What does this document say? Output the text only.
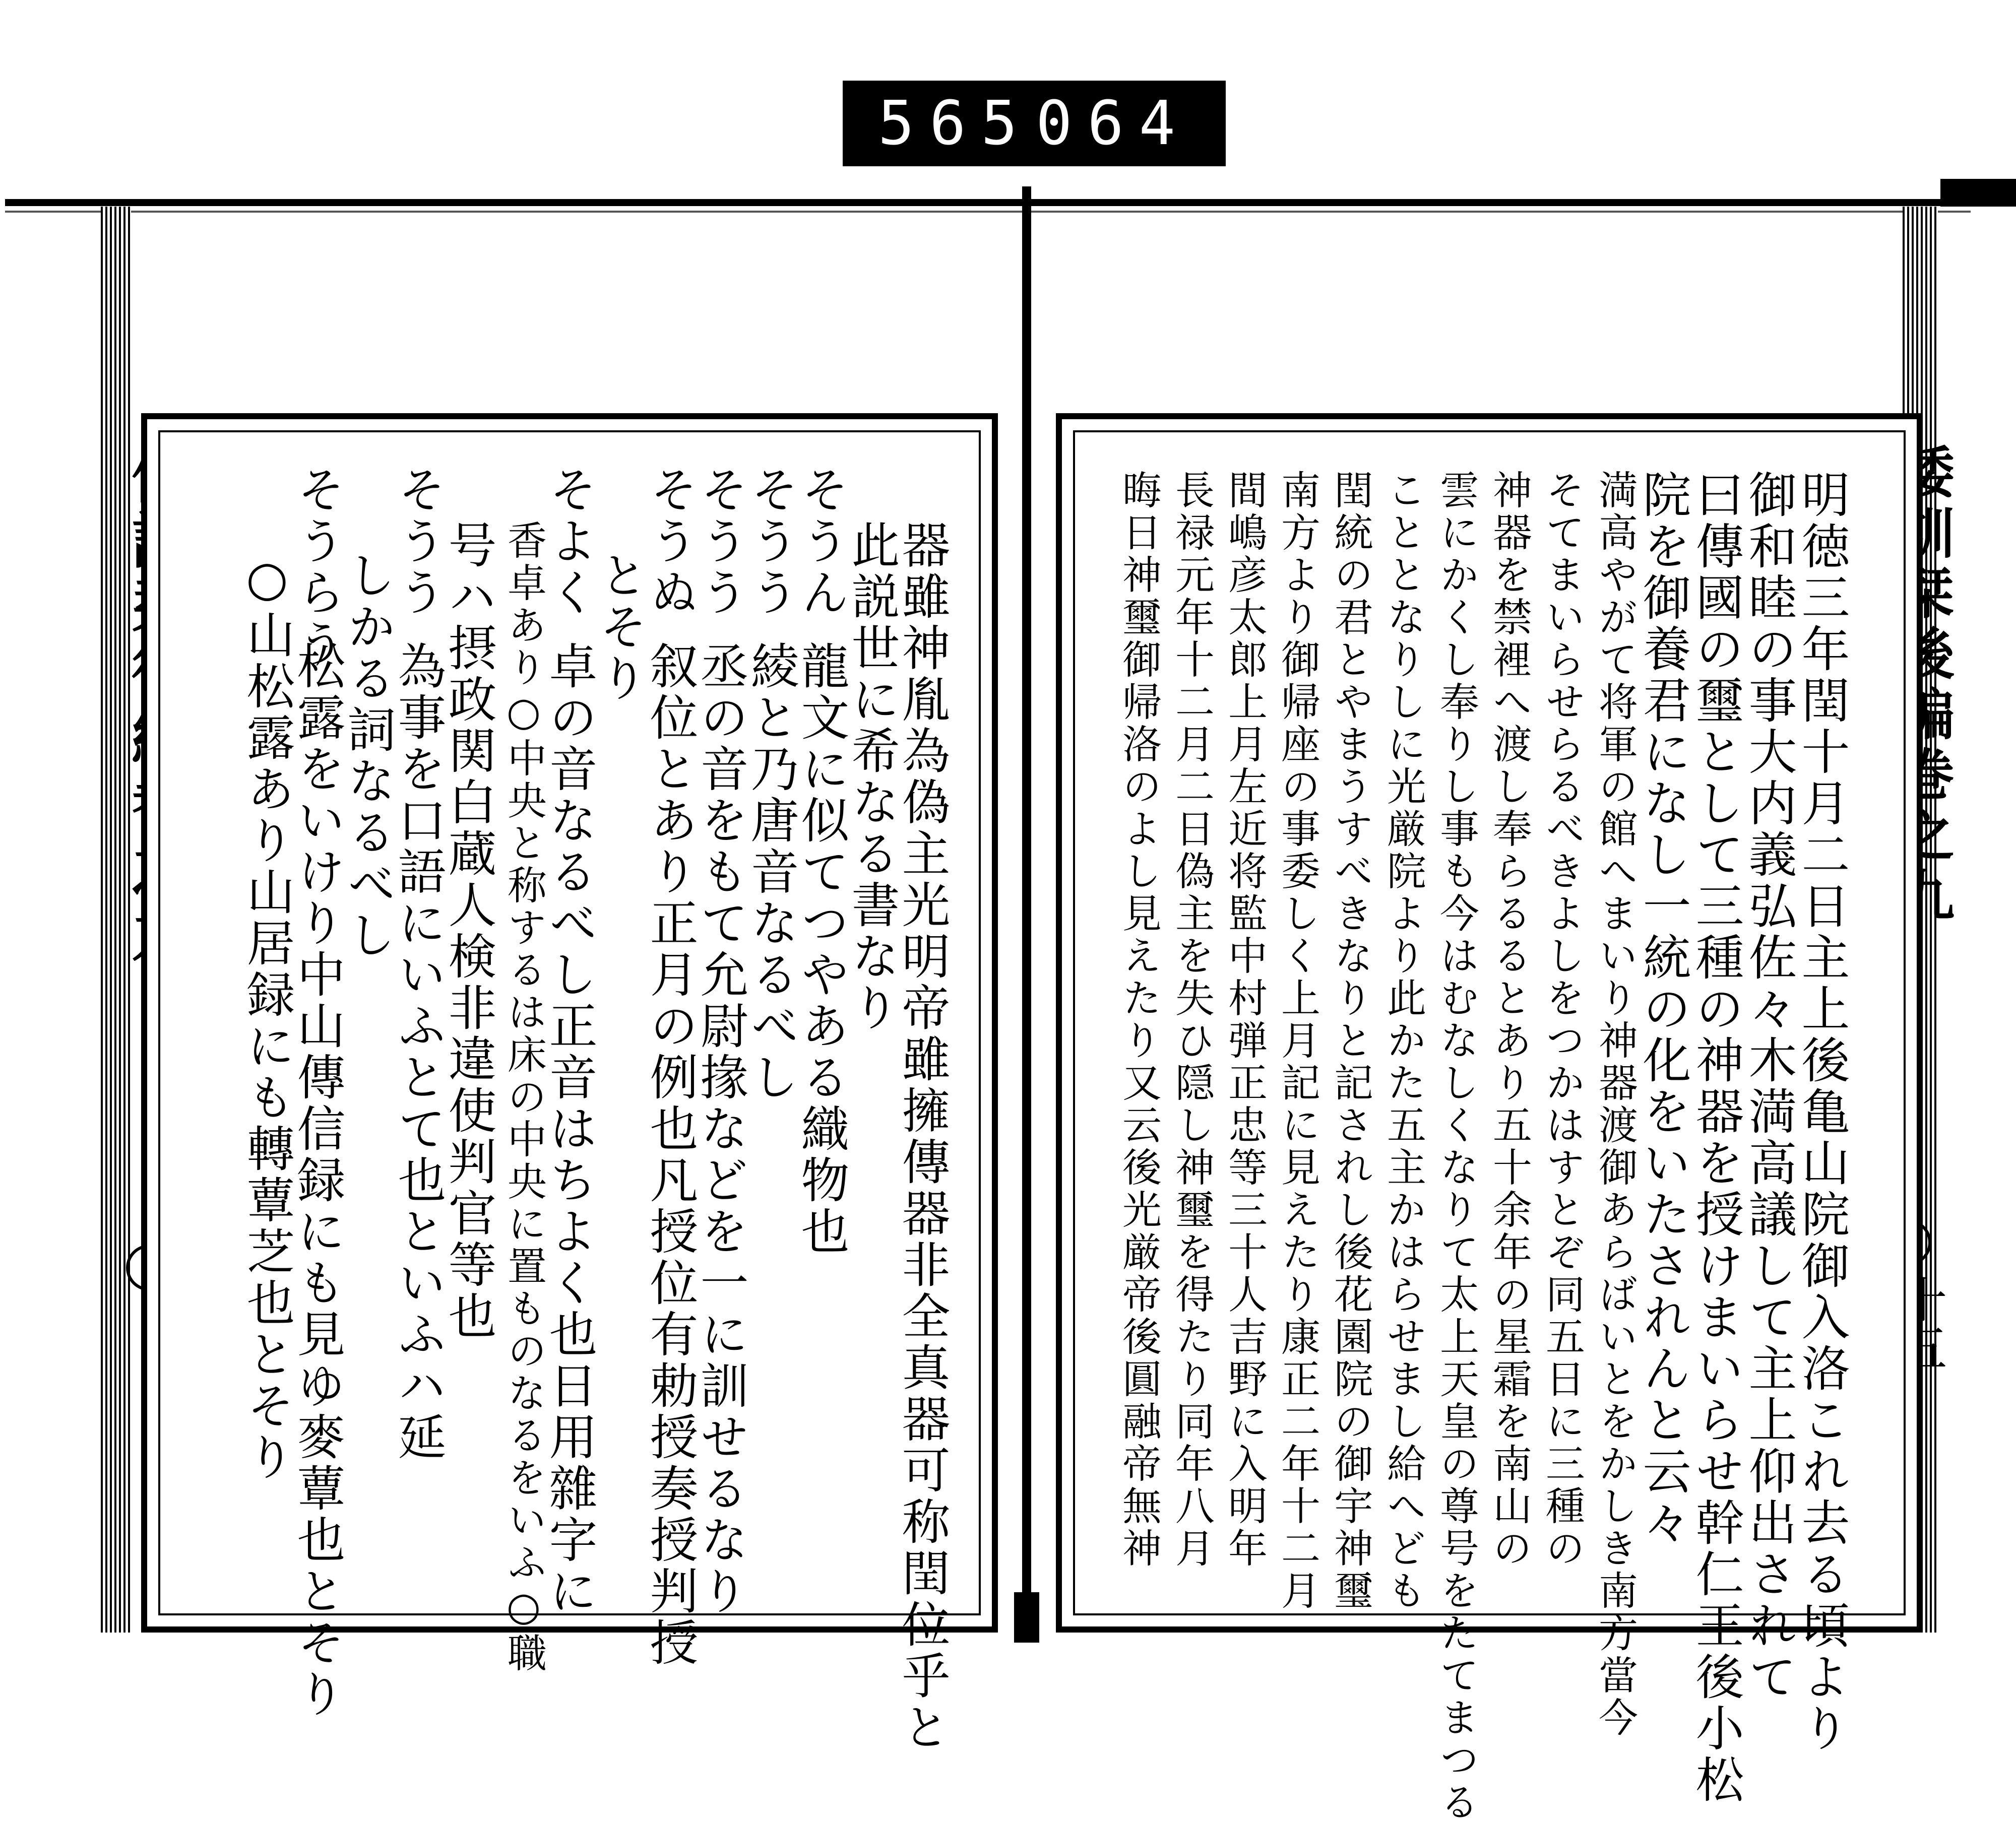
565 064
器雖神胤為偽主光明帝雖擁傳器非全真器可称閏位乎と
此説世に希なる書なり
そうん
龍文に似てつやある織物也
そうう
綾と乃唐音なるべし
そうう
丞の音をもて允尉掾などを一に訓せるなり
そうぬ
叙位とあり正月の例也凡授位有勅授奏授判授
とそり
そよく
卓の音なるべし正音はちよく也日用雜字に
香卓あり○中央と称するは床の中央に置ものなるをいふ○職
号ハ摂政関白蔵人検非違使判官等也
そうう
為事を口語にいふとて也といふハ延
しかる詞なるべし
そうらう
松露をいけり中山傳信録にも見ゆ麥蕈也とそり
○山松露あり山居録にも轉蕈芝也とそり	明徳三年閏十月二日主上後亀山院御入洛これ去る頃より
御和睦の事大内義弘佐々木満高議して主上仰出されて
曰傳國の璽として三種の神器を授けまいらせ幹仁王後小松
院を御養君になし一統の化をいたされんと云々
満高やがて将軍の館へまいり神器渡御あらばいとをかしき南方當今
そてまいらせらるべきよしをつかはすとぞ同五日に三種の
神器を禁裡へ渡し奉らるるとあり五十余年の星霜を南山の
雲にかくし奉りし事も今はむなしくなりて太上天皇の尊号をたてまつる
こととなりしに光厳院より此かた五主かはらせまし給へども
閏統の君とやまうすべきなりと記されし後花園院の御宇神璽
南方より御帰座の事委しく上月記に見えたり康正二年十二月
間嶋彦太郎上月左近将監中村弾正忠等三十人吉野に入明年
長禄元年十二月二日偽主を失ひ隠し神璽を得たり同年八月
晦日神璽御帰洛のよし見えたり又云後光厳帝後圓融帝無神
